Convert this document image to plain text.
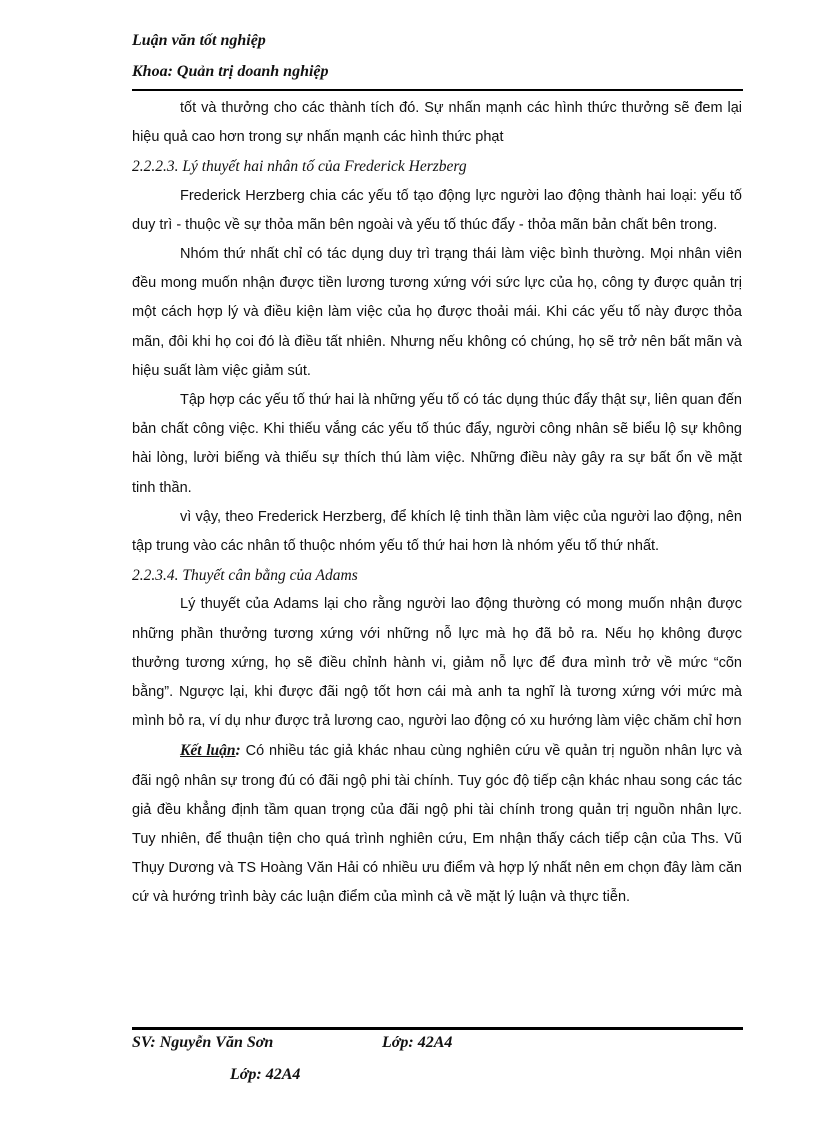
Luận văn tốt nghiệp
Khoa: Quản trị doanh nghiệp

tốt và thưởng cho các thành tích đó. Sự nhấn mạnh các hình thức thưởng sẽ đem lại hiệu quả cao hơn trong sự nhấn mạnh các hình thức phạt

2.2.2.3. Lý thuyết hai nhân tố của Frederick Herzberg

Frederick Herzberg chia các yếu tố tạo động lực người lao động thành hai loại: yếu tố duy trì - thuộc về sự thỏa mãn bên ngoài và yếu tố thúc đẩy - thỏa mãn bản chất bên trong.

Nhóm thứ nhất chỉ có tác dụng duy trì trạng thái làm việc bình thường. Mọi nhân viên đều mong muốn nhận được tiền lương tương xứng với sức lực của họ, công ty được quản trị một cách hợp lý và điều kiện làm việc của họ được thoải mái. Khi các yếu tố này được thỏa mãn, đôi khi họ coi đó là điều tất nhiên. Nhưng nếu không có chúng, họ sẽ trở nên bất mãn và hiệu suất làm việc giảm sút.

Tập hợp các yếu tố thứ hai là những yếu tố có tác dụng thúc đẩy thật sự, liên quan đến bản chất công việc. Khi thiếu vắng các yếu tố thúc đẩy, người công nhân sẽ biểu lộ sự không hài lòng, lười biếng và thiếu sự thích thú làm việc. Những điều này gây ra sự bất ổn về mặt tinh thần.

vì vậy, theo Frederick Herzberg, để khích lệ tinh thần làm việc của người lao động, nên tập trung vào các nhân tố thuộc nhóm yếu tố thứ hai hơn là nhóm yếu tố thứ nhất.

2.2.3.4. Thuyết cân bằng của Adams

Lý thuyết của Adams lại cho rằng người lao động thường có mong muốn nhận được những phần thưởng tương xứng với những nỗ lực mà họ đã bỏ ra. Nếu họ không được thưởng tương xứng, họ sẽ điều chỉnh hành vi, giảm nỗ lực để đưa mình trở về mức “cõn bằng”. Ngược lại, khi được đãi ngộ tốt hơn cái mà anh ta nghĩ là tương xứng với mức mà mình bỏ ra, ví dụ như được trả lương cao, người lao động có xu hướng làm việc chăm chỉ hơn

Kết luận: Có nhiều tác giả khác nhau cùng nghiên cứu về quản trị nguồn nhân lực và đãi ngộ nhân sự trong đú có đãi ngộ phi tài chính. Tuy góc độ tiếp cận khác nhau song các tác giả đều khẳng định tầm quan trọng của đãi ngộ phi tài chính trong quản trị nguồn nhân lực. Tuy nhiên, để thuận tiện cho quá trình nghiên cứu, Em nhận thấy cách tiếp cận của Ths. Vũ Thụy Dương và TS Hoàng Văn Hải có nhiều ưu điểm và hợp lý nhất nên em chọn đây làm căn cứ và hướng trình bày các luận điểm của mình cả về mặt lý luận và thực tiễn.

SV: Nguyễn Văn Sơn	Lớp: 42A4
Lớp: 42A4
